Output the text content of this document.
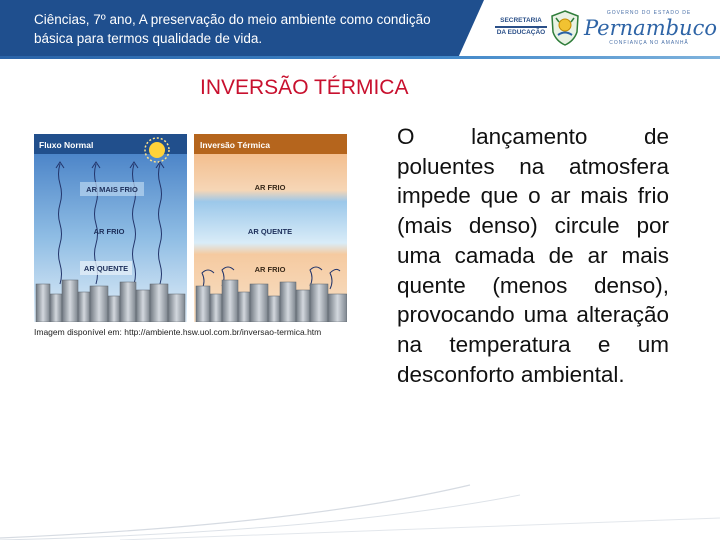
Ciências, 7º ano, A preservação do meio ambiente como condição básica para termos qualidade de vida.
SECRETARIA
DA EDUCAÇÃO
GOVERNO DO ESTADO DE
Pernambuco
CONFIANÇA NO AMANHÃ
INVERSÃO TÉRMICA
Fluxo Normal
AR MAIS FRIO
AR FRIO
AR QUENTE
Inversão Térmica
AR FRIO
AR QUENTE
AR FRIO
Imagem disponível em: http://ambiente.hsw.uol.com.br/inversao-termica.htm
O lançamento de poluentes na atmosfera impede que o ar mais frio (mais denso) circule por uma camada de ar mais quente (menos denso), provocando uma alteração na temperatura e um desconforto ambiental.
